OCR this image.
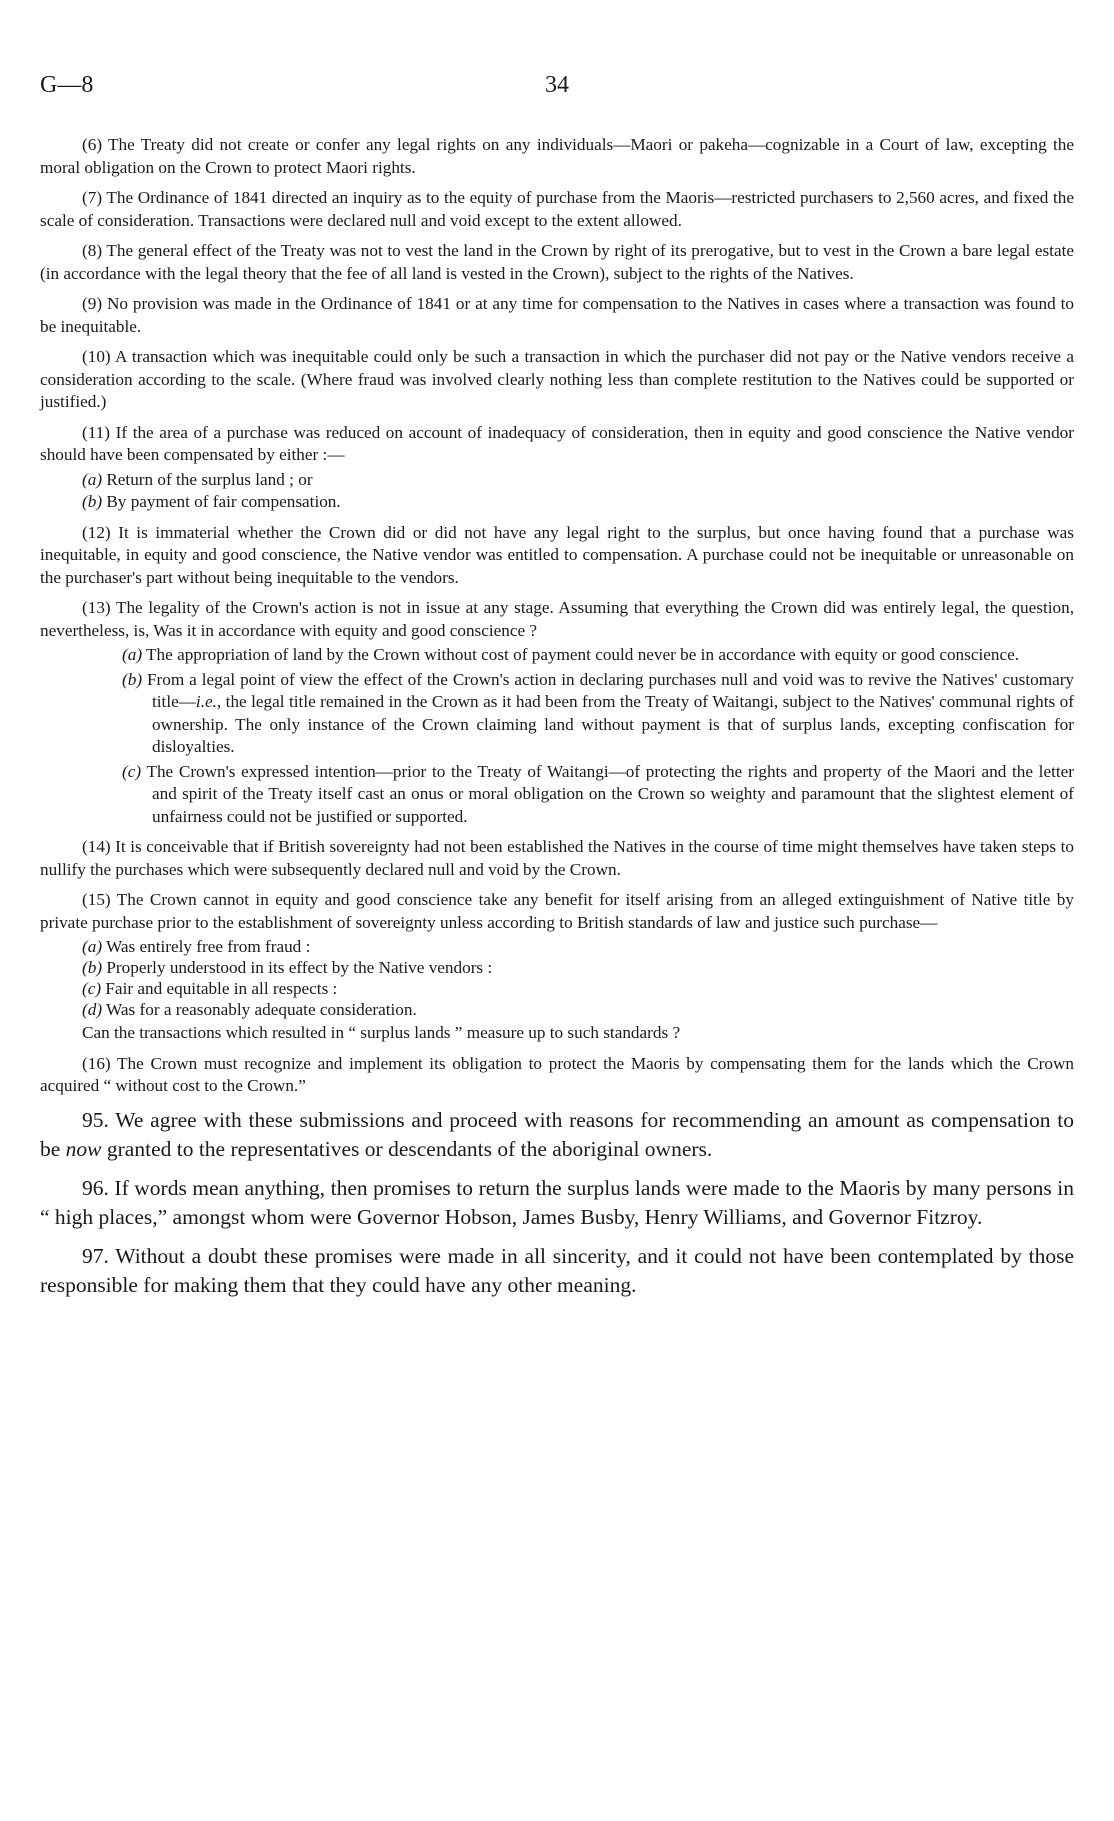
G—8	34

(6) The Treaty did not create or confer any legal rights on any individuals—Maori or pakeha—cognizable in a Court of law, excepting the moral obligation on the Crown to protect Maori rights.

(7) The Ordinance of 1841 directed an inquiry as to the equity of purchase from the Maoris—restricted purchasers to 2,560 acres, and fixed the scale of consideration. Transactions were declared null and void except to the extent allowed.

(8) The general effect of the Treaty was not to vest the land in the Crown by right of its prerogative, but to vest in the Crown a bare legal estate (in accordance with the legal theory that the fee of all land is vested in the Crown), subject to the rights of the Natives.

(9) No provision was made in the Ordinance of 1841 or at any time for compensation to the Natives in cases where a transaction was found to be inequitable.

(10) A transaction which was inequitable could only be such a transaction in which the purchaser did not pay or the Native vendors receive a consideration according to the scale. (Where fraud was involved clearly nothing less than complete restitution to the Natives could be supported or justified.)

(11) If the area of a purchase was reduced on account of inadequacy of consideration, then in equity and good conscience the Native vendor should have been compensated by either :—

(a) Return of the surplus land ; or
(b) By payment of fair compensation.

(12) It is immaterial whether the Crown did or did not have any legal right to the surplus, but once having found that a purchase was inequitable, in equity and good conscience, the Native vendor was entitled to compensation. A purchase could not be inequitable or unreasonable on the purchaser's part without being inequitable to the vendors.

(13) The legality of the Crown's action is not in issue at any stage. Assuming that everything the Crown did was entirely legal, the question, nevertheless, is, Was it in accordance with equity and good conscience ?

(a) The appropriation of land by the Crown without cost of payment could never be in accordance with equity or good conscience.
(b) From a legal point of view the effect of the Crown's action in declaring purchases null and void was to revive the Natives' customary title—i.e., the legal title remained in the Crown as it had been from the Treaty of Waitangi, subject to the Natives' communal rights of ownership. The only instance of the Crown claiming land without payment is that of surplus lands, excepting confiscation for disloyalties.
(c) The Crown's expressed intention—prior to the Treaty of Waitangi—of protecting the rights and property of the Maori and the letter and spirit of the Treaty itself cast an onus or moral obligation on the Crown so weighty and paramount that the slightest element of unfairness could not be justified or supported.

(14) It is conceivable that if British sovereignty had not been established the Natives in the course of time might themselves have taken steps to nullify the purchases which were subsequently declared null and void by the Crown.

(15) The Crown cannot in equity and good conscience take any benefit for itself arising from an alleged extinguishment of Native title by private purchase prior to the establishment of sovereignty unless according to British standards of law and justice such purchase—

(a) Was entirely free from fraud :
(b) Properly understood in its effect by the Native vendors :
(c) Fair and equitable in all respects :
(d) Was for a reasonably adequate consideration.

Can the transactions which resulted in “ surplus lands ” measure up to such standards ?

(16) The Crown must recognize and implement its obligation to protect the Maoris by compensating them for the lands which the Crown acquired “ without cost to the Crown.”

95. We agree with these submissions and proceed with reasons for recommending an amount as compensation to be now granted to the representatives or descendants of the aboriginal owners.

96. If words mean anything, then promises to return the surplus lands were made to the Maoris by many persons in “ high places,” amongst whom were Governor Hobson, James Busby, Henry Williams, and Governor Fitzroy.

97. Without a doubt these promises were made in all sincerity, and it could not have been contemplated by those responsible for making them that they could have any other meaning.
